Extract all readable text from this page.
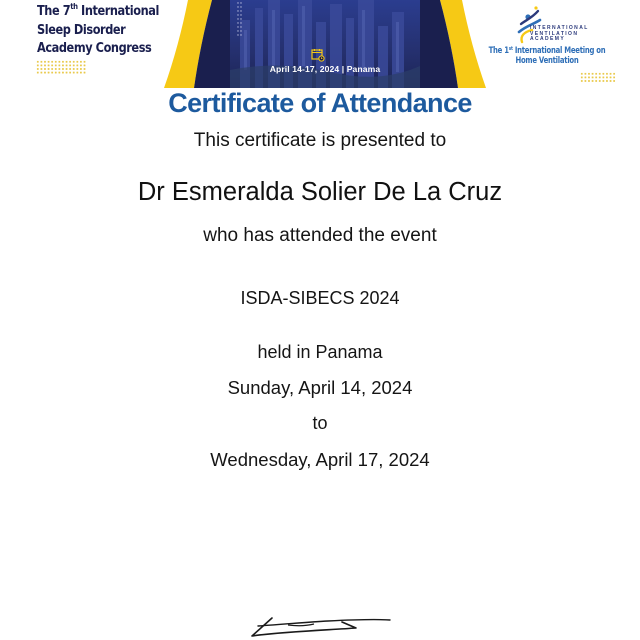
The 7th International
Sleep Disorder
Academy Congress
April 14-17, 2024 | Panama
INTERNATIONAL
VENTILATION
ACADEMY
The 1st International Meeting on
Home Ventilation
Certificate of Attendance
This certificate is presented to
Dr Esmeralda Solier De La Cruz
who has attended the event
ISDA-SIBECS 2024
held in Panama
Sunday, April 14, 2024
to
Wednesday, April 17, 2024
